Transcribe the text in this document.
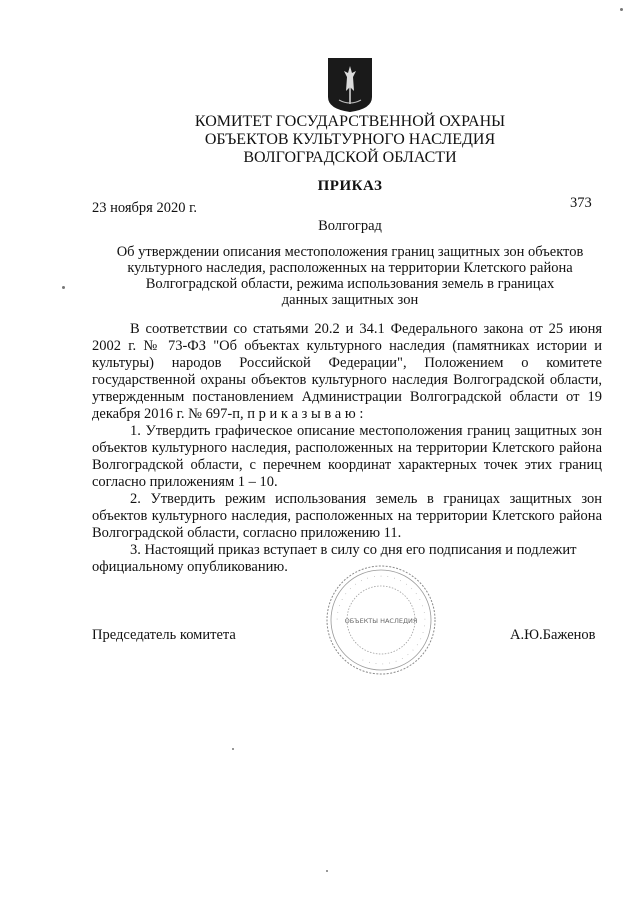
КОМИТЕТ ГОСУДАРСТВЕННОЙ ОХРАНЫ
ОБЪЕКТОВ КУЛЬТУРНОГО НАСЛЕДИЯ
ВОЛГОГРАДСКОЙ ОБЛАСТИ
ПРИКАЗ
23 ноября 2020 г.	373
Волгоград
Об утверждении описания местоположения границ защитных зон объектов
культурного наследия, расположенных на территории Клетского района
Волгоградской области, режима использования земель в границах
данных защитных зон

В соответствии со статьями 20.2 и 34.1 Федерального закона от 25 июня 2002 г. № 73-ФЗ "Об объектах культурного наследия (памятниках истории и культуры) народов Российской Федерации", Положением о комитете государственной охраны объектов культурного наследия Волгоградской области, утвержденным постановлением Администрации Волгоградской области от 19 декабря 2016 г. № 697-п, п р и к а з ы в а ю :

1. Утвердить графическое описание местоположения границ защитных зон объектов культурного наследия, расположенных на территории Клетского района Волгоградской области, с перечнем координат характерных точек этих границ согласно приложениям 1 – 10.

2. Утвердить режим использования земель в границах защитных зон объектов культурного наследия, расположенных на территории Клетского района Волгоградской области, согласно приложению 11.

3. Настоящий приказ вступает в силу со дня его подписания и подлежит официальному опубликованию.

· · · · · · · · · · · · · · · · · · · · · · · · · · · · · · · · · ·
ОБЪЕКТЫ НАСЛЕДИЯ
Председатель комитета	А.Ю.Баженов
